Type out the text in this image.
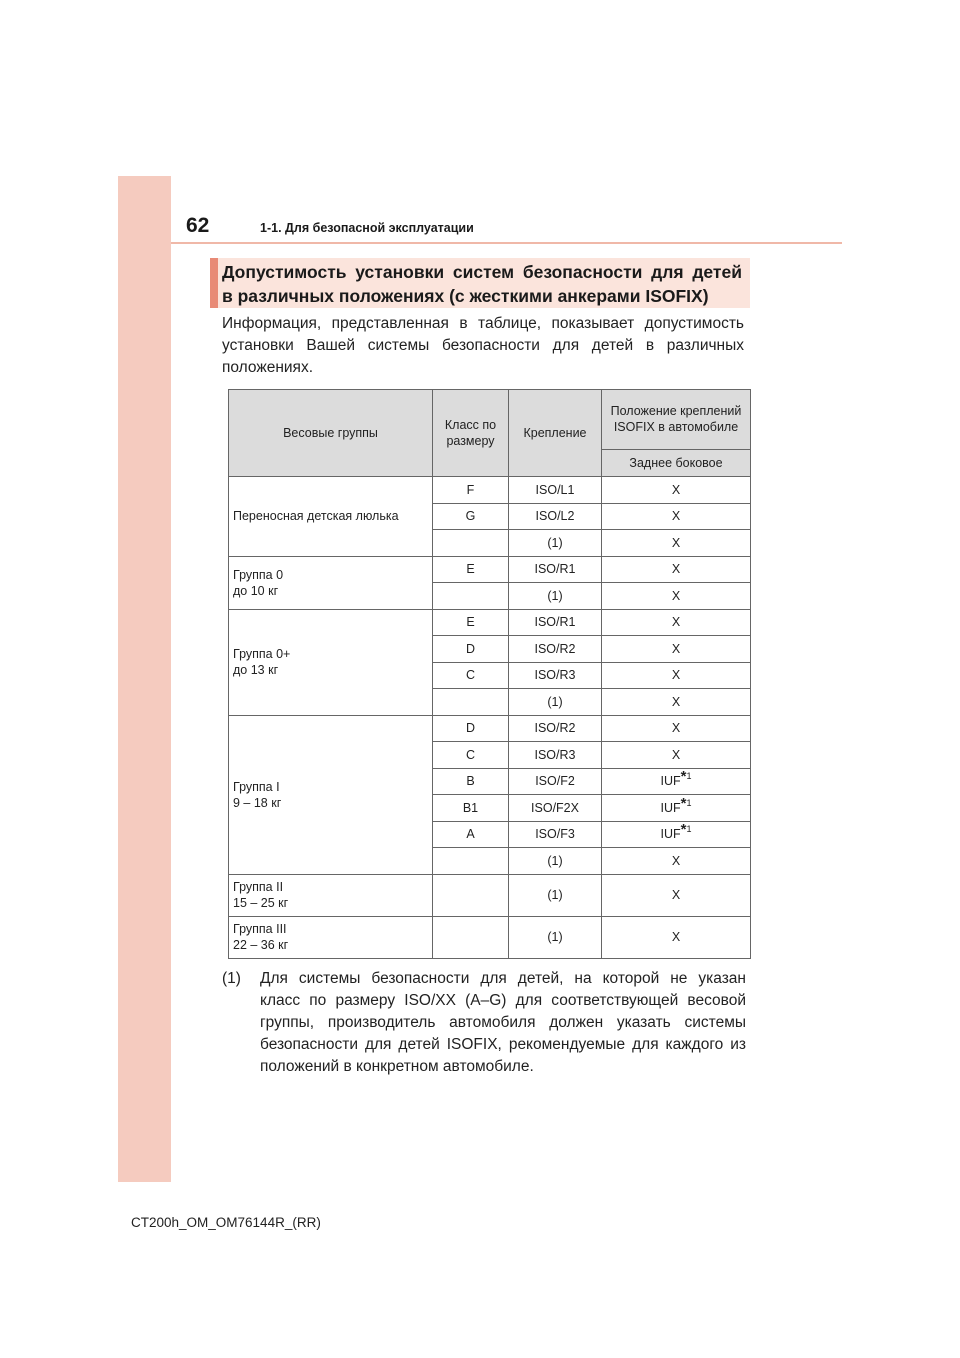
62	1-1. Для безопасной эксплуатации
Допустимость установки систем безопасности для детей
в различных положениях (с жесткими анкерами ISOFIX)
Информация, представленная в таблице, показывает допустимость
установки Вашей системы безопасности для детей в различных
положениях.
Весовые группы	Класс по размеру	Крепление	Положение креплений ISOFIX в автомобиле
			Заднее боковое

Переносная детская люлька	F	ISO/L1	X
	G	ISO/L2	X
		(1)	X

Группа 0
до 10 кг	E	ISO/R1	X
		(1)	X

Группа 0+
до 13 кг	E	ISO/R1	X
	D	ISO/R2	X
	C	ISO/R3	X
		(1)	X

Группа I
9 – 18 кг	D	ISO/R2	X
	C	ISO/R3	X
	B	ISO/F2	IUF$^{*1}$
	B1	ISO/F2X	IUF$^{*1}$
	A	ISO/F3	IUF$^{*1}$
		(1)	X

Группа II
15 – 25 кг		(1)	X

Группа III
22 – 36 кг		(1)	X
(1) Для системы безопасности для детей, на которой не указан
класс по размеру ISO/XX (A–G) для соответствующей весовой
группы, производитель автомобиля должен указать системы
безопасности для детей ISOFIX, рекомендуемые для каждого из
положений в конкретном автомобиле.
CT200h_OM_OM76144R_(RR)
